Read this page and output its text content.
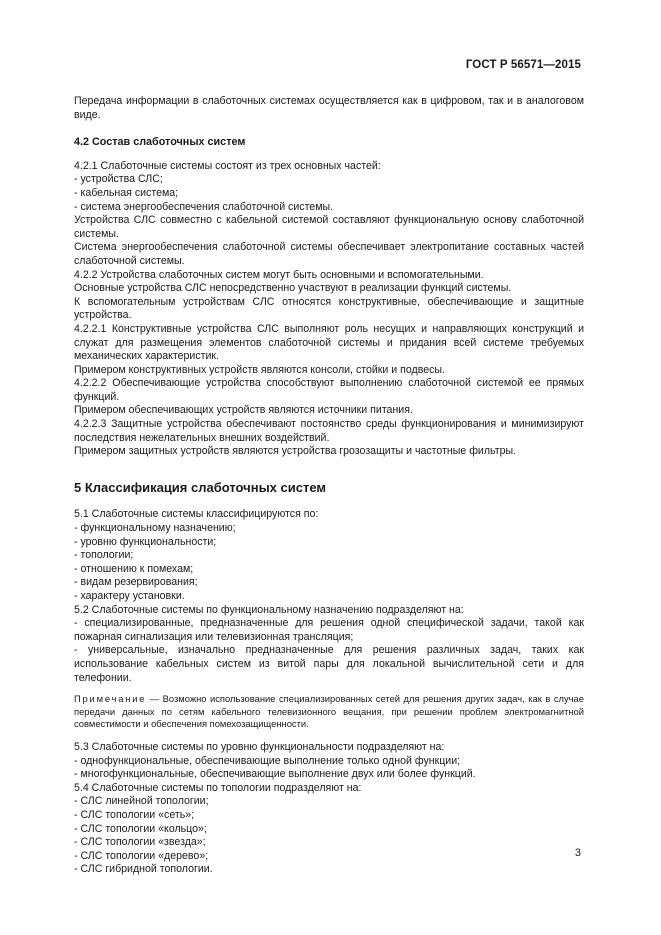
ГОСТ Р 56571—2015

Передача информации в слаботочных системах осуществляется как в цифровом, так и в аналоговом виде.

4.2 Состав слаботочных систем

4.2.1 Слаботочные системы состоят из трех основных частей:

- устройства СЛС;

- кабельная система;

- система энергообеспечения слаботочной системы.

Устройства СЛС совместно с кабельной системой составляют функциональную основу слаботочной системы.

Система энергообеспечения слаботочной системы обеспечивает электропитание составных частей слаботочной системы.

4.2.2 Устройства слаботочных систем могут быть основными и вспомогательными.

Основные устройства СЛС непосредственно участвуют в реализации функций системы.

К вспомогательным устройствам СЛС относятся конструктивные, обеспечивающие и защитные устройства.

4.2.2.1 Конструктивные устройства СЛС выполняют роль несущих и направляющих конструкций и служат для размещения элементов слаботочной системы и придания всей системе требуемых механических характеристик.

Примером конструктивных устройств являются консоли, стойки и подвесы.

4.2.2.2 Обеспечивающие устройства способствуют выполнению слаботочной системой ее прямых функций.

Примером обеспечивающих устройств являются источники питания.

4.2.2.3 Защитные устройства обеспечивают постоянство среды функционирования и минимизируют последствия нежелательных внешних воздействий.

Примером защитных устройств являются устройства грозозащиты и частотные фильтры.

5 Классификация слаботочных систем

5.1 Слаботочные системы классифицируются по:

- функциональному назначению;

- уровню функциональности;

- топологии;

- отношению к помехам;

- видам резервирования;

- характеру установки.

5.2 Слаботочные системы по функциональному назначению подразделяют на:

- специализированные, предназначенные для решения одной специфической задачи, такой как пожарная сигнализация или телевизионная трансляция;

- универсальные, изначально предназначенные для решения различных задач, таких как использование кабельных систем из витой пары для локальной вычислительной сети и для телефонии.

Примечание — Возможно использование специализированных сетей для решения других задач, как в случае передачи данных по сетям кабельного телевизионного вещания, при решении проблем электромагнитной совместимости и обеспечения помехозащищенности.

5.3 Слаботочные системы по уровню функциональности подразделяют на:

- однофункциональные, обеспечивающие выполнение только одной функции;

- многофункциональные, обеспечивающие выполнение двух или более функций.

5.4 Слаботочные системы по топологии подразделяют на:

- СЛС линейной топологии;

- СЛС топологии «сеть»;

- СЛС топологии «кольцо»;

- СЛС топологии «звезда»;

- СЛС топологии «дерево»;

- СЛС гибридной топологии.

3
